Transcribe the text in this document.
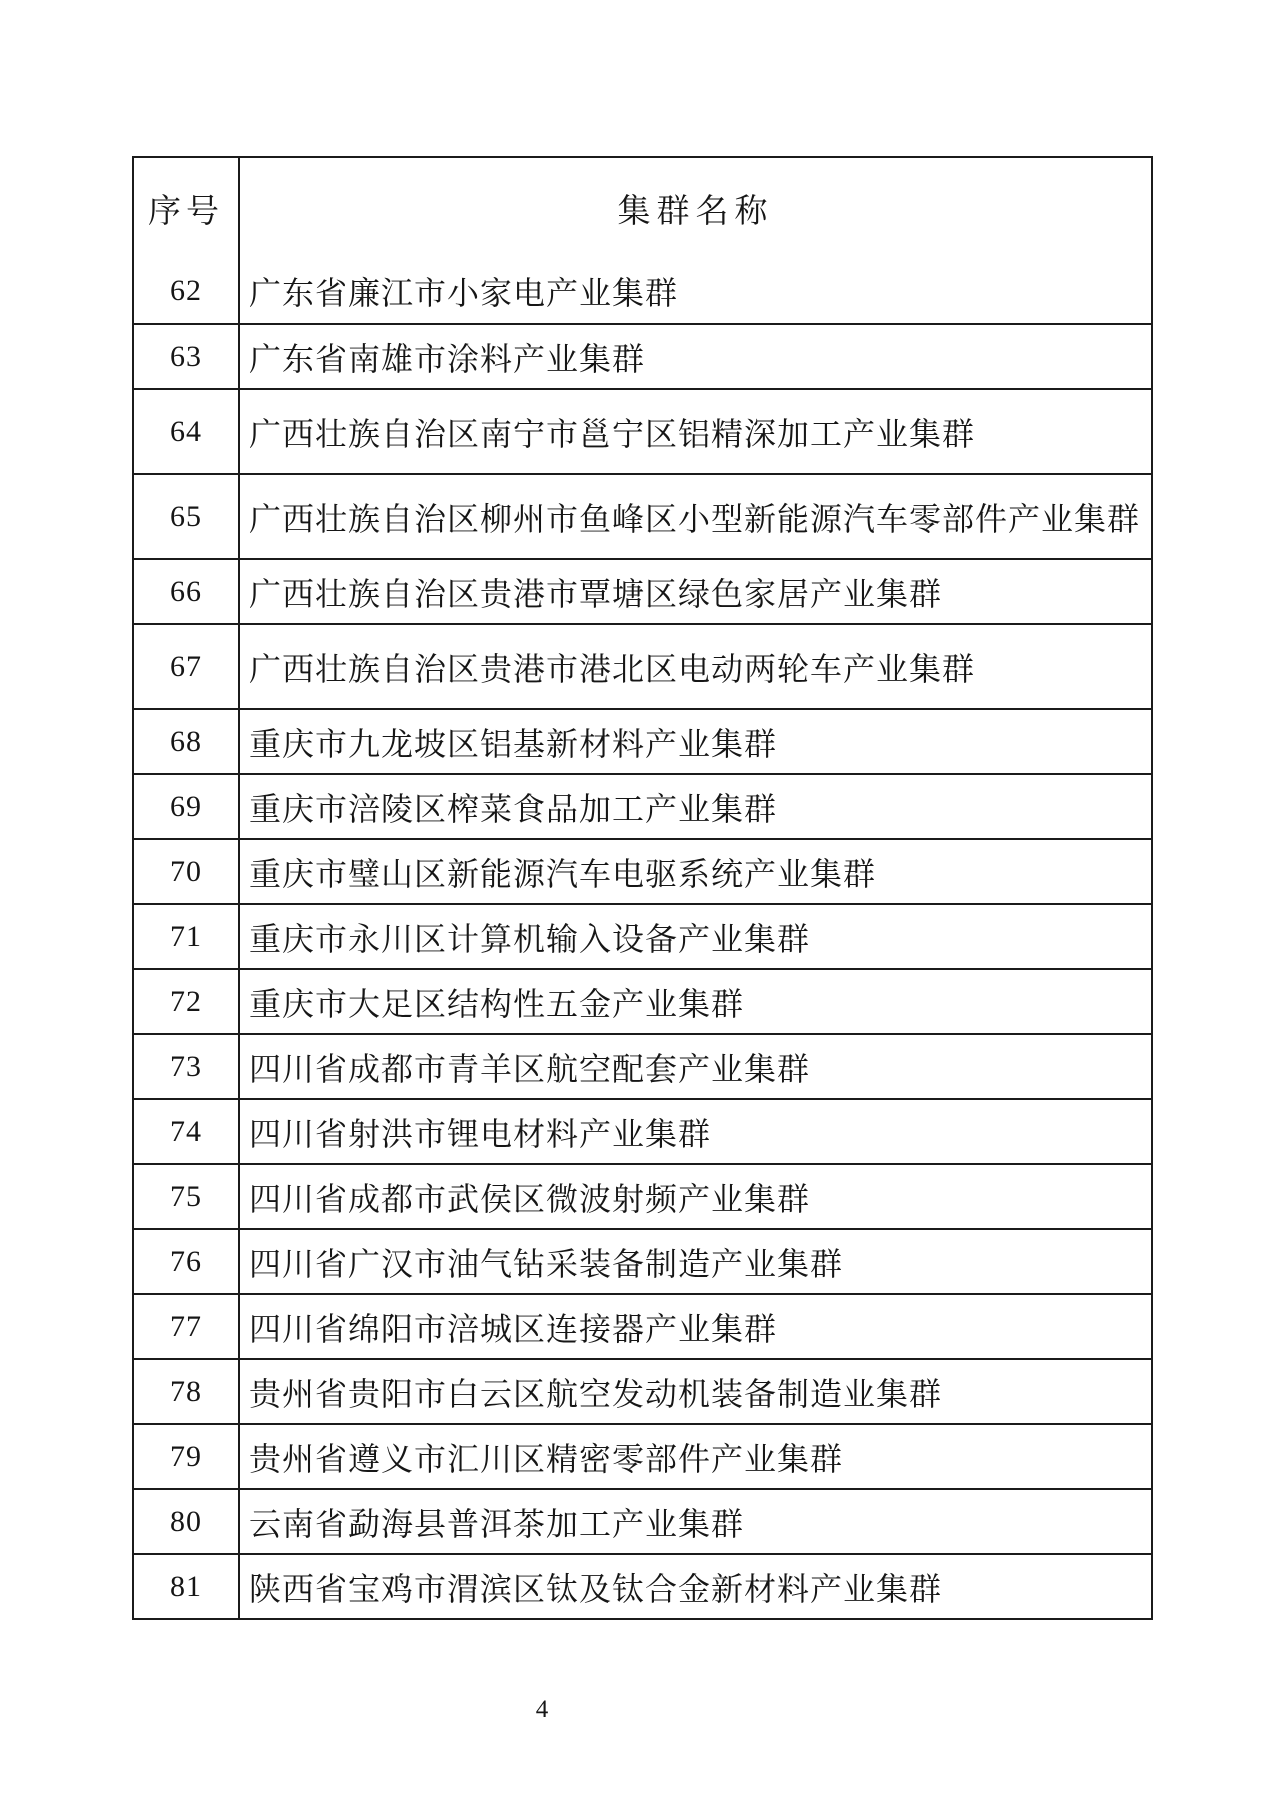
序号	集群名称
62	广东省廉江市小家电产业集群
63	广东省南雄市涂料产业集群
64	广西壮族自治区南宁市邕宁区铝精深加工产业集群
65	广西壮族自治区柳州市鱼峰区小型新能源汽车零部件产业集群
66	广西壮族自治区贵港市覃塘区绿色家居产业集群
67	广西壮族自治区贵港市港北区电动两轮车产业集群
68	重庆市九龙坡区铝基新材料产业集群
69	重庆市涪陵区榨菜食品加工产业集群
70	重庆市璧山区新能源汽车电驱系统产业集群
71	重庆市永川区计算机输入设备产业集群
72	重庆市大足区结构性五金产业集群
73	四川省成都市青羊区航空配套产业集群
74	四川省射洪市锂电材料产业集群
75	四川省成都市武侯区微波射频产业集群
76	四川省广汉市油气钻采装备制造产业集群
77	四川省绵阳市涪城区连接器产业集群
78	贵州省贵阳市白云区航空发动机装备制造业集群
79	贵州省遵义市汇川区精密零部件产业集群
80	云南省勐海县普洱茶加工产业集群
81	陕西省宝鸡市渭滨区钛及钛合金新材料产业集群
4
